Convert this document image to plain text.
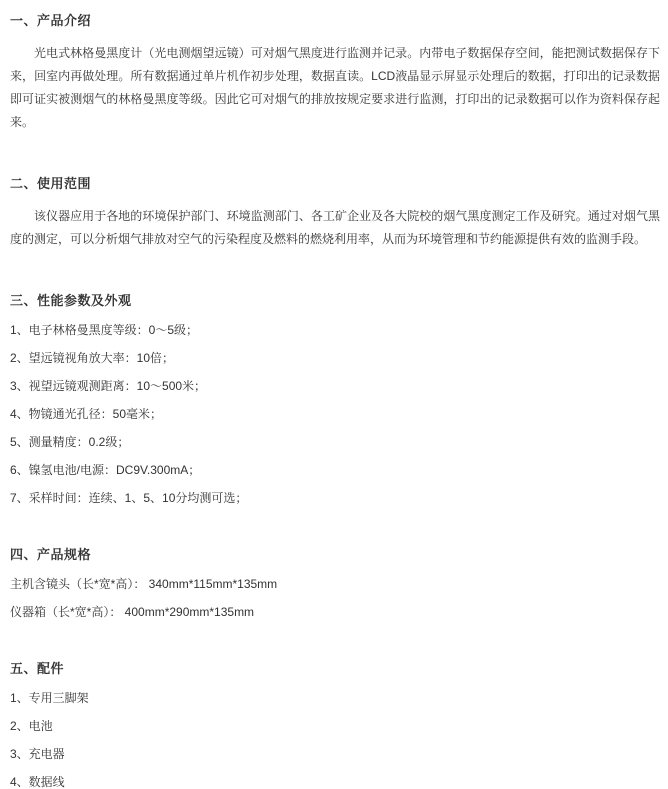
一、产品介绍

光电式林格曼黑度计（光电测烟望远镜）可对烟气黑度进行监测并记录。内带电子数据保存空间，能把测试数据保存下来，回室内再做处理。所有数据通过单片机作初步处理，数据直读。LCD液晶显示屏显示处理后的数据，打印出的记录数据即可证实被测烟气的林格曼黑度等级。因此它可对烟气的排放按规定要求进行监测，打印出的记录数据可以作为资料保存起来。

二、使用范围

该仪器应用于各地的环境保护部门、环境监测部门、各工矿企业及各大院校的烟气黑度测定工作及研究。通过对烟气黑度的测定，可以分析烟气排放对空气的污染程度及燃料的燃烧利用率，从而为环境管理和节约能源提供有效的监测手段。

三、性能参数及外观

1、电子林格曼黑度等级：0～5级；

2、望远镜视角放大率：10倍；

3、视望远镜观测距离：10～500米；

4、物镜通光孔径：50毫米；

5、测量精度：0.2级；

6、镍氢电池/电源：DC9V.300mA；

7、采样时间：连续、1、5、10分均测可选；

四、产品规格

主机含镜头（长*宽*高）： 340mm*115mm*135mm

仪器箱（长*宽*高）： 400mm*290mm*135mm

五、配件

1、专用三脚架

2、电池

3、充电器

4、数据线
